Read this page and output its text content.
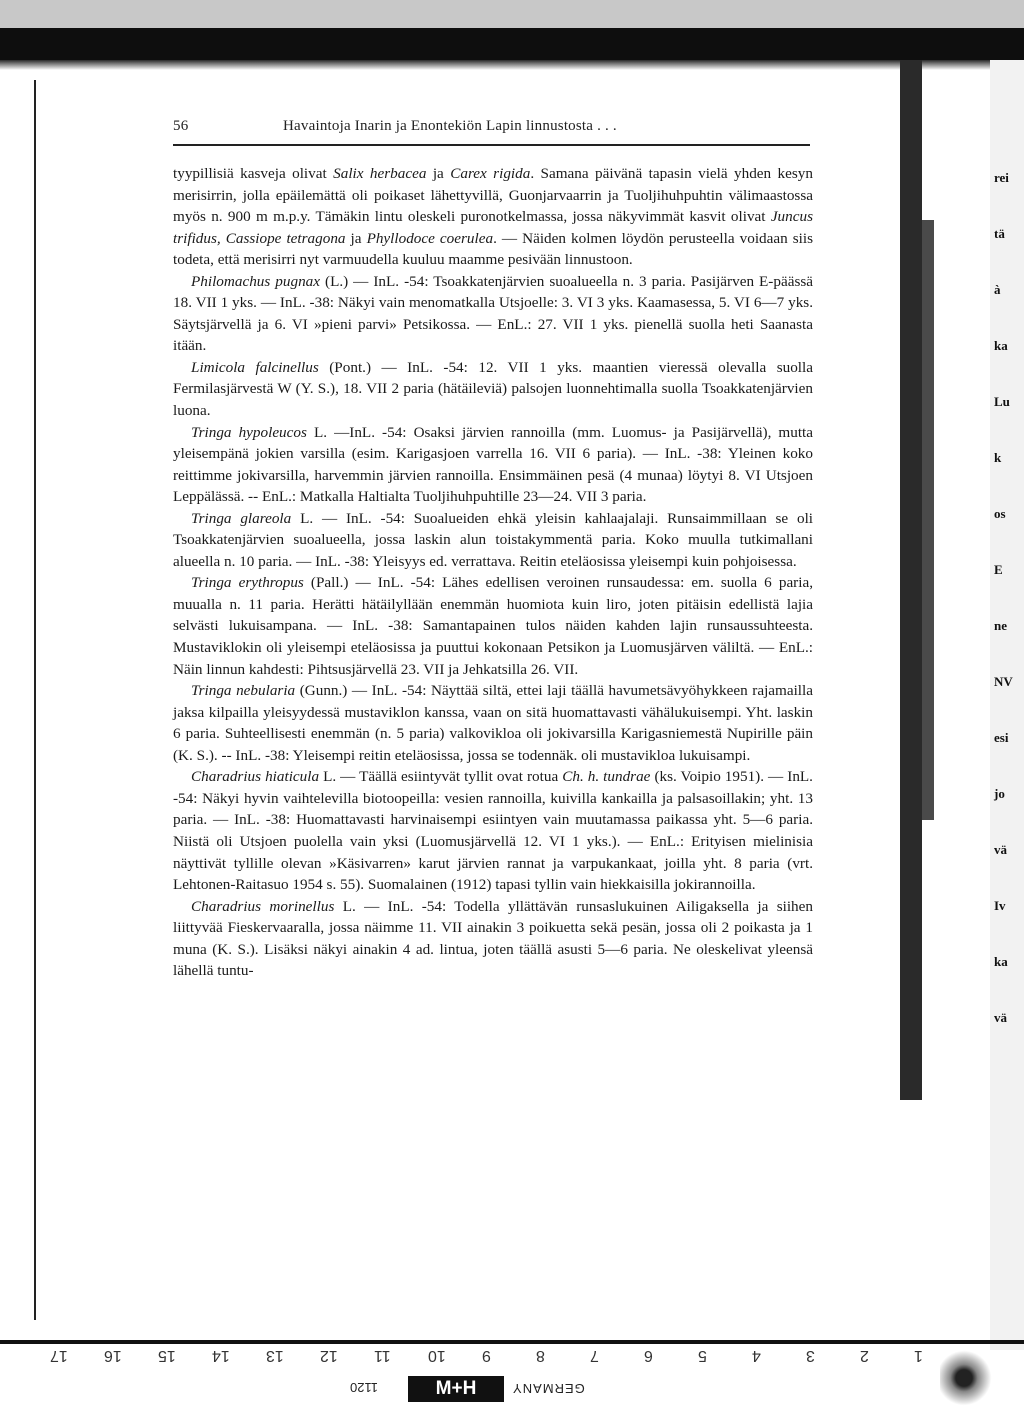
rei
tä
à
ka
Lu
k
os
E
ne
NV
esi
jo
vä
Iv
ka
vä
56	Havaintoja Inarin ja Enontekiön Lapin linnustosta . . .

tyypillisiä kasveja olivat Salix herbacea ja Carex rigida. Samana päivänä tapasin vielä yhden kesyn merisirrin, jolla epäilemättä oli poikaset lähettyvillä, Guonjarvaarrin ja Tuoljihuhpuhtin välimaastossa myös n. 900 m m.p.y. Tämäkin lintu oleskeli puronotkelmassa, jossa näkyvimmät kasvit olivat Juncus trifidus, Cassiope tetragona ja Phyllodoce coerulea. — Näiden kolmen löydön perusteella voidaan siis todeta, että merisirri nyt varmuudella kuuluu maamme pesivään linnustoon.

Philomachus pugnax (L.) — InL. -54: Tsoakkatenjärvien suoalueella n. 3 paria. Pasijärven E-päässä 18. VII 1 yks. — InL. -38: Näkyi vain menomatkalla Utsjoelle: 3. VI 3 yks. Kaamasessa, 5. VI 6—7 yks. Säytsjärvellä ja 6. VI »pieni parvi» Petsikossa. — EnL.: 27. VII 1 yks. pienellä suolla heti Saanasta itään.

Limicola falcinellus (Pont.) — InL. -54: 12. VII 1 yks. maantien vieressä olevalla suolla Fermilasjärvestä W (Y. S.), 18. VII 2 paria (hätäileviä) palsojen luonnehtimalla suolla Tsoakkatenjärvien luona.

Tringa hypoleucos L. —InL. -54: Osaksi järvien rannoilla (mm. Luomus- ja Pasijärvellä), mutta yleisempänä jokien varsilla (esim. Karigasjoen varrella 16. VII 6 paria). — InL. -38: Yleinen koko reittimme jokivarsilla, harvemmin järvien rannoilla. Ensimmäinen pesä (4 munaa) löytyi 8. VI Utsjoen Leppälässä. -- EnL.: Matkalla Haltialta Tuoljihuhpuhtille 23—24. VII 3 paria.

Tringa glareola L. — InL. -54: Suoalueiden ehkä yleisin kahlaajalaji. Runsaimmillaan se oli Tsoakkatenjärvien suoalueella, jossa laskin alun toistakymmentä paria. Koko muulla tutkimallani alueella n. 10 paria. — InL. -38: Yleisyys ed. verrattava. Reitin eteläosissa yleisempi kuin pohjoisessa.

Tringa erythropus (Pall.) — InL. -54: Lähes edellisen veroinen runsaudessa: em. suolla 6 paria, muualla n. 11 paria. Herätti hätäilyllään enemmän huomiota kuin liro, joten pitäisin edellistä lajia selvästi lukuisampana. — InL. -38: Samantapainen tulos näiden kahden lajin runsaussuhteesta. Mustaviklokin oli yleisempi eteläosissa ja puuttui kokonaan Petsikon ja Luomusjärven väliltä. — EnL.: Näin linnun kahdesti: Pihtsusjärvellä 23. VII ja Jehkatsilla 26. VII.

Tringa nebularia (Gunn.) — InL. -54: Näyttää siltä, ettei laji täällä havumetsävyöhykkeen rajamailla jaksa kilpailla yleisyydessä mustaviklon kanssa, vaan on sitä huomattavasti vähälukuisempi. Yht. laskin 6 paria. Suhteellisesti enemmän (n. 5 paria) valkovikloa oli jokivarsilla Karigasniemestä Nupirille päin (K. S.). -- InL. -38: Yleisempi reitin eteläosissa, jossa se todennäk. oli mustavikloa lukuisampi.

Charadrius hiaticula L. — Täällä esiintyvät tyllit ovat rotua Ch. h. tundrae (ks. Voipio 1951). — InL. -54: Näkyi hyvin vaihtelevilla biotoopeilla: vesien rannoilla, kuivilla kankailla ja palsasoillakin; yht. 13 paria. — InL. -38: Huomattavasti harvinaisempi esiintyen vain muutamassa paikassa yht. 5—6 paria. Niistä oli Utsjoen puolella vain yksi (Luomusjärvellä 12. VI 1 yks.). — EnL.: Erityisen mielinisia näyttivät tyllille olevan »Käsivarren» karut järvien rannat ja varpukankaat, joilla yht. 8 paria (vrt. Lehtonen-Raitasuo 1954 s. 55). Suomalainen (1912) tapasi tyllin vain hiekkaisilla jokirannoilla.

Charadrius morinellus L. — InL. -54: Todella yllättävän runsaslukuinen Ailigaksella ja siihen liittyvää Fieskervaaralla, jossa näimme 11. VII ainakin 3 poikuetta sekä pesän, jossa oli 2 poikasta ja 1 muna (K. S.). Lisäksi näkyi ainakin 4 ad. lintua, joten täällä asusti 5—6 paria. Ne oleskelivat yleensä lähellä tuntu-

17 16 15 14 13 12 11 10 9	8	7	6	5	4	3	2	1
1120	H+M	GERMANY
